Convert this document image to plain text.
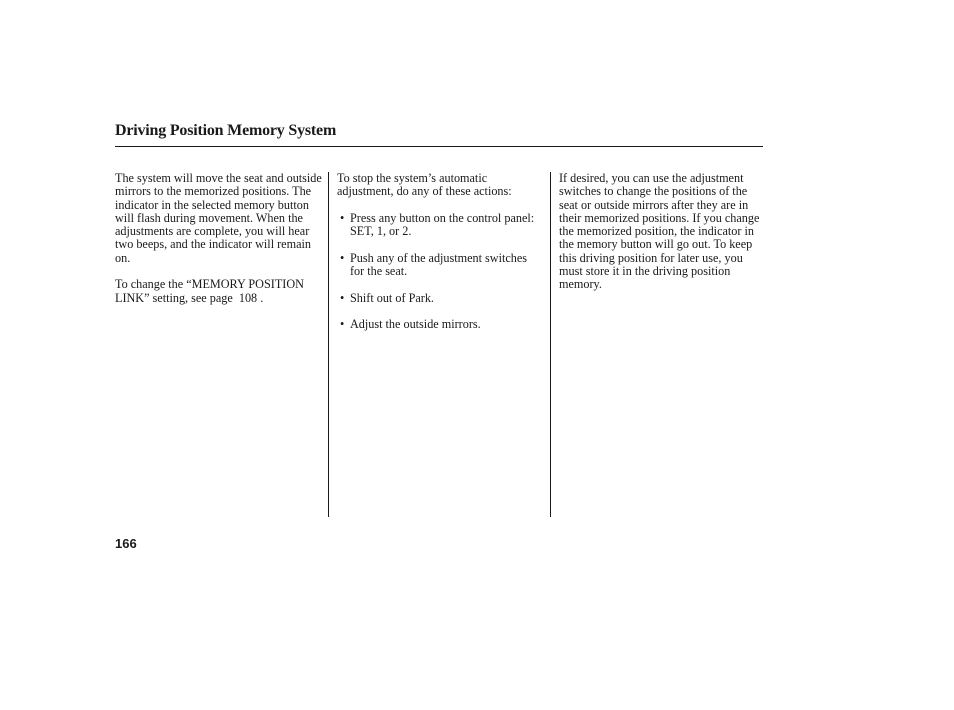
Driving Position Memory System

The system will move the seat and outside mirrors to the memorized positions. The indicator in the selected memory button will flash during movement. When the adjustments are complete, you will hear two beeps, and the indicator will remain on.

To change the “MEMORY POSITION LINK” setting, see page  108 .

To stop the system’s automatic adjustment, do any of these actions:

• Press any button on the control panel: SET, 1, or 2.
• Push any of the adjustment switches for the seat.
• Shift out of Park.
• Adjust the outside mirrors.

If desired, you can use the adjustment switches to change the positions of the seat or outside mirrors after they are in their memorized positions. If you change the memorized position, the indicator in the memory button will go out. To keep this driving position for later use, you must store it in the driving position memory.

166
